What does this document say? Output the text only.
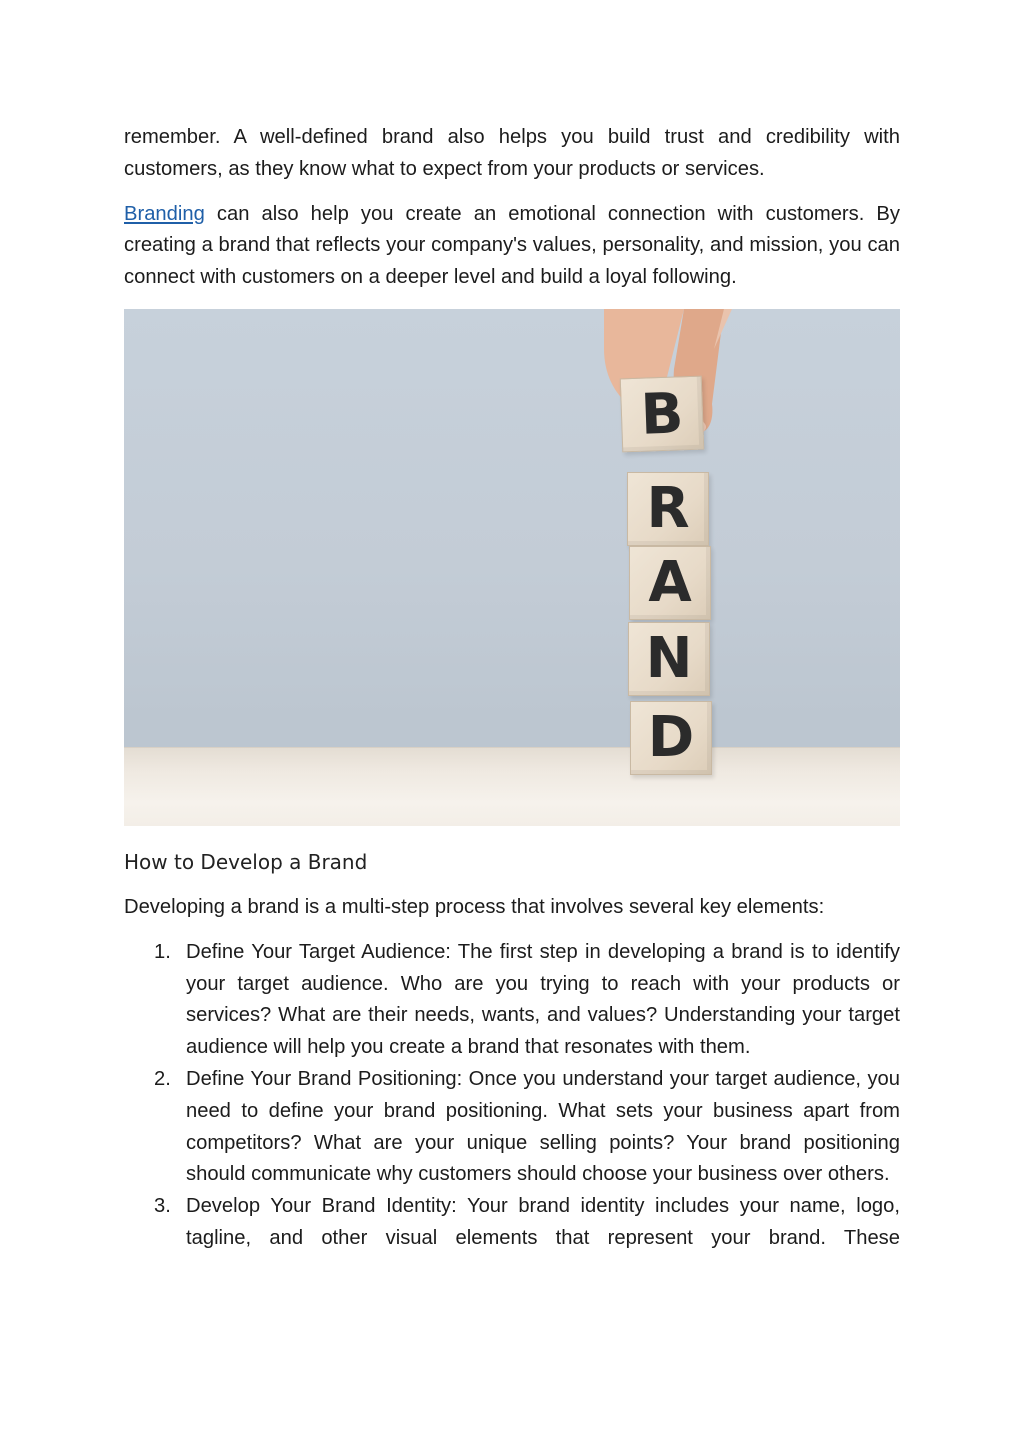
remember. A well-defined brand also helps you build trust and credibility with customers, as they know what to expect from your products or services.

Branding can also help you create an emotional connection with customers. By creating a brand that reflects your company's values, personality, and mission, you can connect with customers on a deeper level and build a loyal following.

B
R
A
N
D
How to Develop a Brand

Developing a brand is a multi-step process that involves several key elements:

1. Define Your Target Audience: The first step in developing a brand is to identify your target audience. Who are you trying to reach with your products or services? What are their needs, wants, and values? Understanding your target audience will help you create a brand that resonates with them.
2. Define Your Brand Positioning: Once you understand your target audience, you need to define your brand positioning. What sets your business apart from competitors? What are your unique selling points? Your brand positioning should communicate why customers should choose your business over others.
3. Develop Your Brand Identity: Your brand identity includes your name, logo, tagline, and other visual elements that represent your brand. These
